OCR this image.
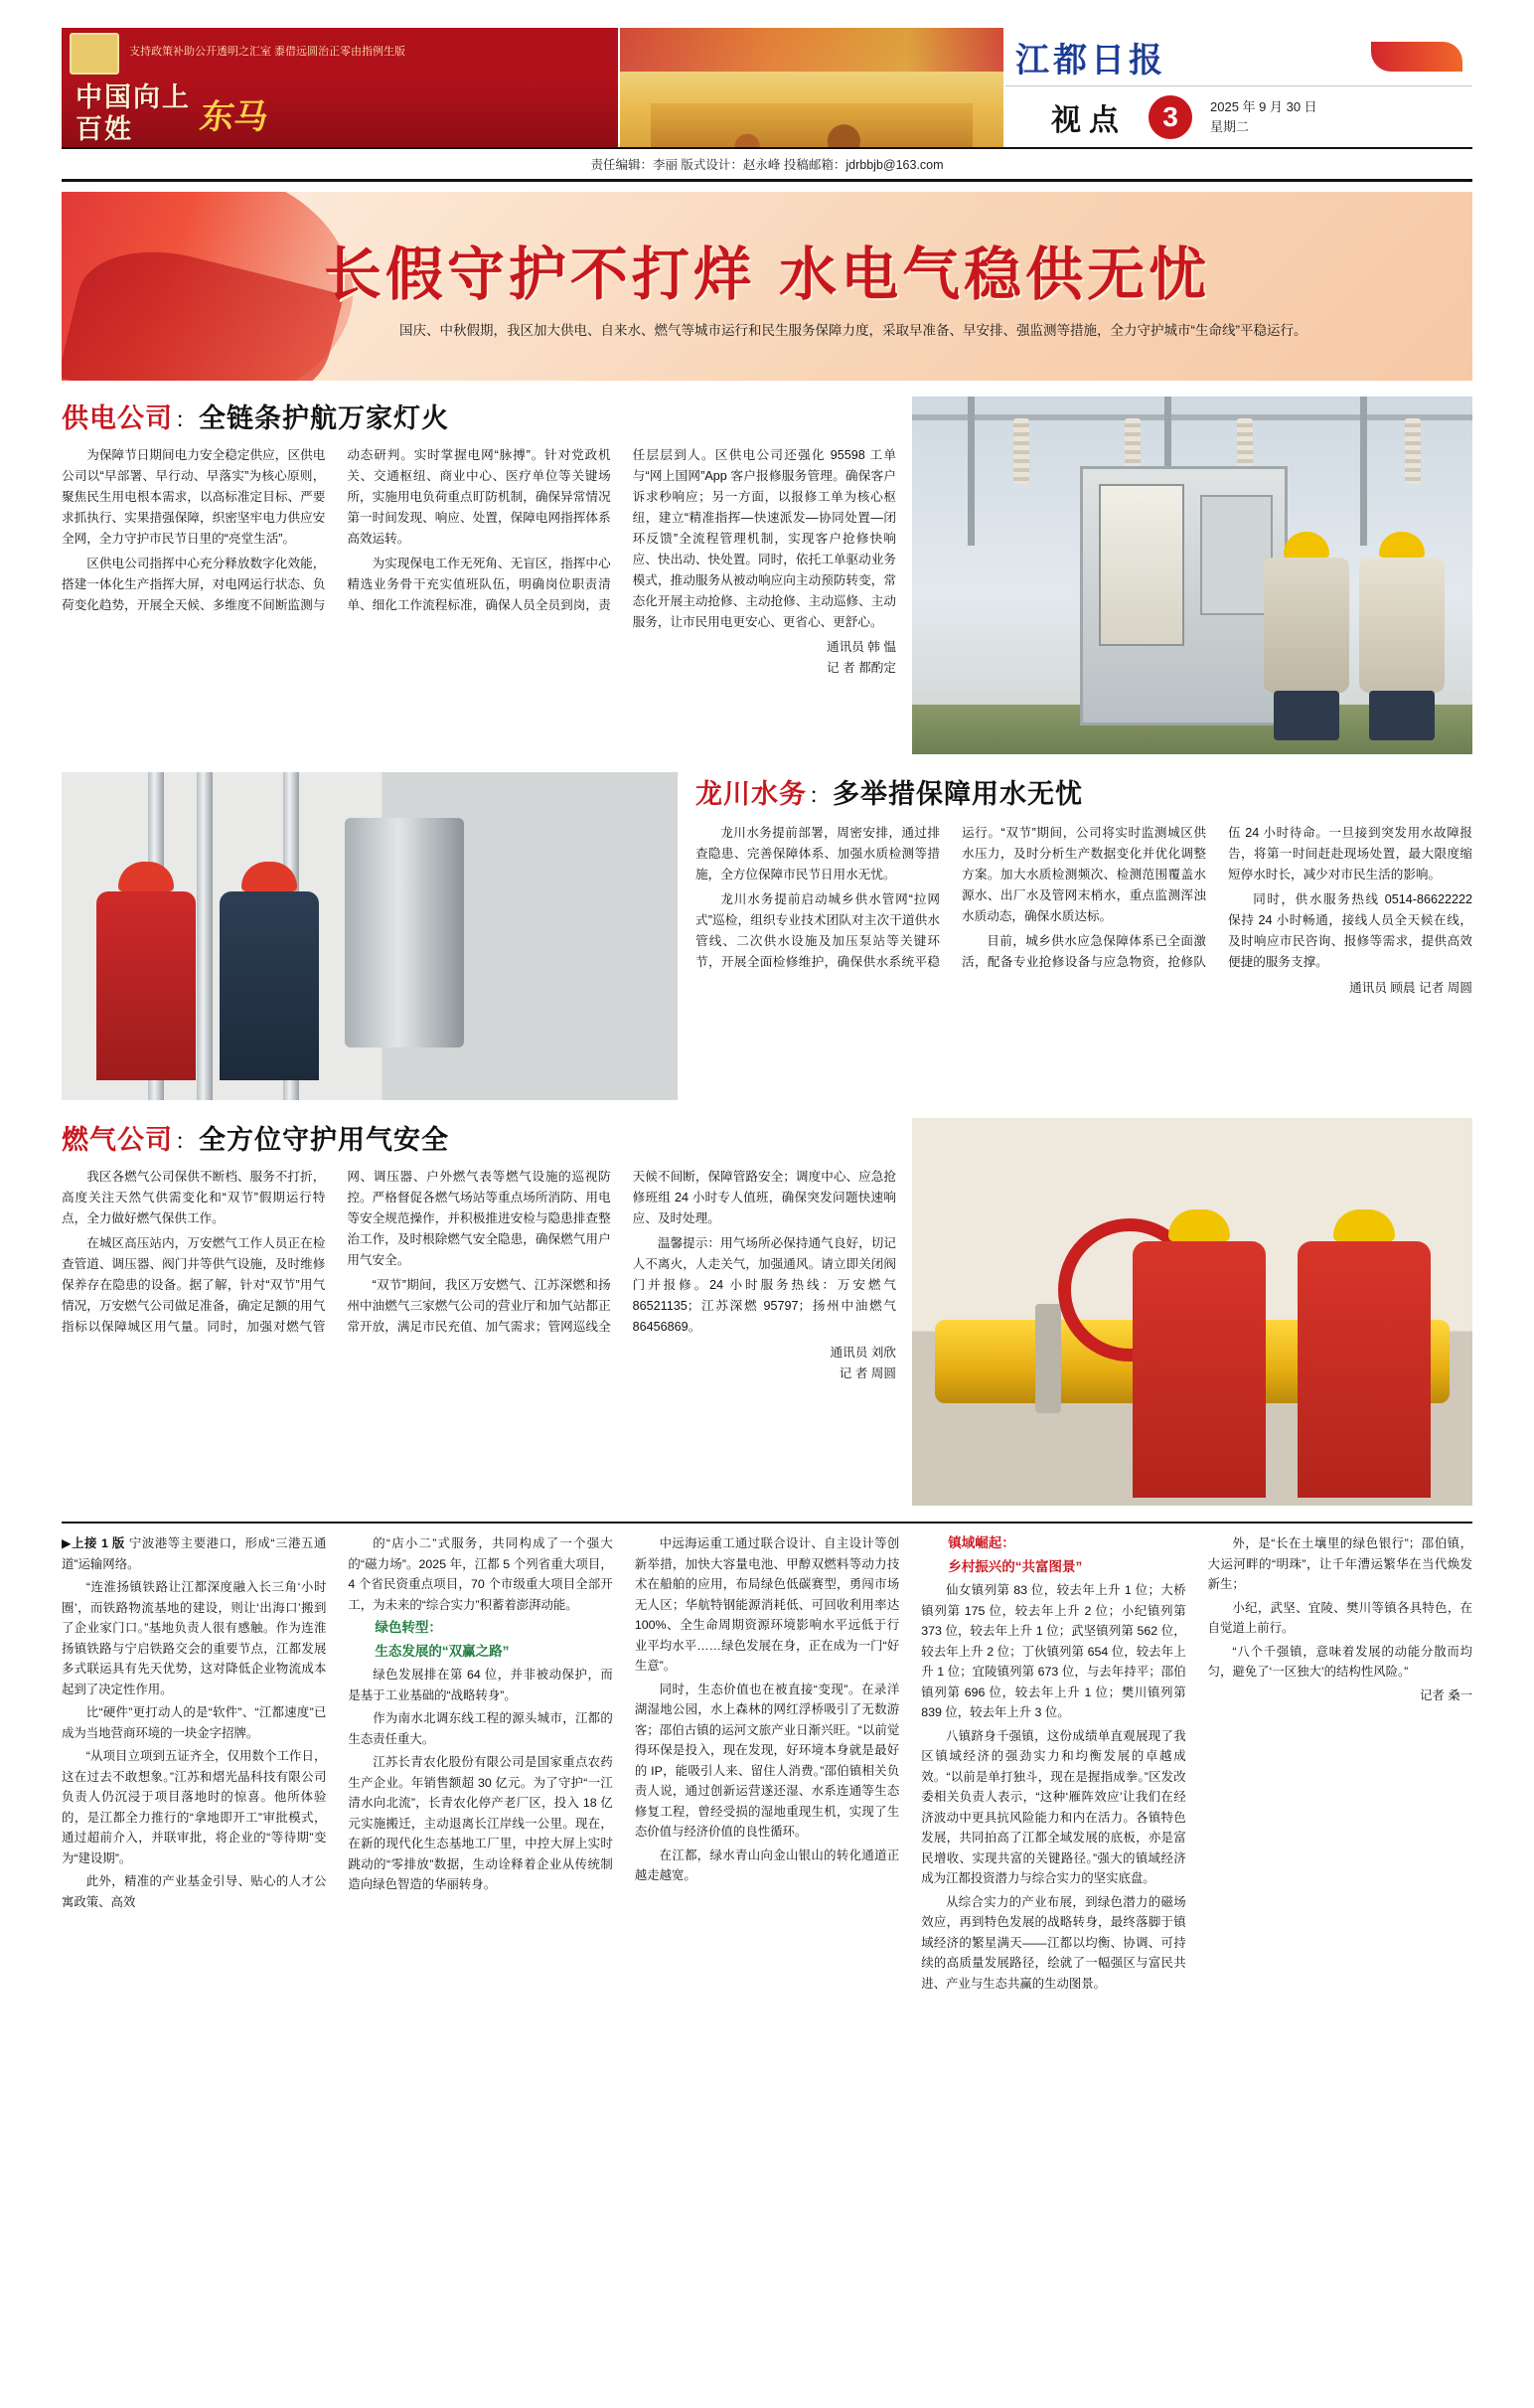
支持政策补助公开透明之汇室 黍借远圆治正零由指例生版
中国向上
百姓	东马
江都日报
视点	3	2025 年 9 月 30 日
星期二
责任编辑：李丽 版式设计：赵永峰 投稿邮箱：jdrbbjb@163.com
长假守护不打烊 水电气稳供无忧
国庆、中秋假期，我区加大供电、自来水、燃气等城市运行和民生服务保障力度，采取早准备、早安排、强监测等措施，全力守护城市“生命线”平稳运行。
供电公司 ： 全链条护航万家灯火

为保障节日期间电力安全稳定供应，区供电公司以“早部署、早行动、早落实”为核心原则，聚焦民生用电根本需求，以高标准定目标、严要求抓执行、实果措强保障，织密坚牢电力供应安全网，全力守护市民节日里的“亮堂生活”。

区供电公司指挥中心充分释放数字化效能，搭建一体化生产指挥大屏，对电网运行状态、负荷变化趋势，开展全天候、多维度不间断监测与动态研判。实时掌握电网“脉搏”。针对党政机关、交通枢纽、商业中心、医疗单位等关键场所，实施用电负荷重点盯防机制，确保异常情况第一时间发现、响应、处置，保障电网指挥体系高效运转。

为实现保电工作无死角、无盲区，指挥中心精选业务骨干充实值班队伍，明确岗位职责清单、细化工作流程标准，确保人员全员到岗，责任层层到人。区供电公司还强化 95598 工单与“网上国网”App 客户报修服务管理。确保客户诉求秒响应；另一方面，以报修工单为核心枢纽，建立“精准指挥—快速派发—协同处置—闭环反馈”全流程管理机制，实现客户抢修快响应、快出动、快处置。同时，依托工单驱动业务模式，推动服务从被动响应向主动预防转变，常态化开展主动抢修、主动抢修、主动巡修、主动服务，让市民用电更安心、更省心、更舒心。

通讯员 韩 愠
记 者 都酌定
龙川水务 ： 多举措保障用水无忧

龙川水务提前部署，周密安排，通过排查隐患、完善保障体系、加强水质检测等措施，全方位保障市民节日用水无忧。

龙川水务提前启动城乡供水管网“拉网式”巡检，组织专业技术团队对主次干道供水管线、二次供水设施及加压泵站等关键环节，开展全面检修维护，确保供水系统平稳运行。“双节”期间，公司将实时监测城区供水压力，及时分析生产数据变化并优化调整方案。加大水质检测频次、检测范围覆盖水源水、出厂水及管网末梢水，重点监测浑浊水质动态，确保水质达标。

目前，城乡供水应急保障体系已全面激活，配备专业抢修设备与应急物资，抢修队伍 24 小时待命。一旦接到突发用水故障报告，将第一时间赶赴现场处置，最大限度缩短停水时长，减少对市民生活的影响。

同时，供水服务热线 0514-86622222 保持 24 小时畅通，接线人员全天候在线，及时响应市民咨询、报修等需求，提供高效便捷的服务支撑。

通讯员 顾晨 记者 周圆
燃气公司 ： 全方位守护用气安全

我区各燃气公司保供不断档、服务不打折，高度关注天然气供需变化和“双节”假期运行特点，全力做好燃气保供工作。

在城区高压站内，万安燃气工作人员正在检查管道、调压器、阀门井等供气设施，及时维修保养存在隐患的设备。据了解，针对“双节”用气情况，万安燃气公司做足准备，确定足额的用气指标以保障城区用气量。同时，加强对燃气管网、调压器、户外燃气表等燃气设施的巡视防控。严格督促各燃气场站等重点场所消防、用电等安全规范操作，并积极推进安检与隐患排查整治工作，及时根除燃气安全隐患，确保燃气用户用气安全。

“双节”期间，我区万安燃气、江苏深燃和扬州中油燃气三家燃气公司的营业厅和加气站都正常开放，满足市民充值、加气需求；管网巡线全天候不间断，保障管路安全；调度中心、应急抢修班组 24 小时专人值班，确保突发问题快速响应、及时处理。

温馨提示：用气场所必保持通气良好，切记人不离火，人走关气，加强通风。请立即关闭阀门并报修。24 小时服务热线：万安燃气 86521135；江苏深燃 95797；扬州中油燃气 86456869。

通讯员 刘欣
记 者 周圆

▶上接 1 版 宁波港等主要港口，形成“三港五通道”运输网络。

“连淮扬镇铁路让江都深度融入长三角‘小时圈’，而铁路物流基地的建设，则让‘出海口’搬到了企业家门口。”基地负责人很有感触。作为连淮扬镇铁路与宁启铁路交会的重要节点，江都发展多式联运具有先天优势，这对降低企业物流成本起到了决定性作用。

比“硬件”更打动人的是“软件”、“江都速度”已成为当地营商环境的一块金字招牌。

“从项目立项到五证齐全，仅用数个工作日，这在过去不敢想象。”江苏和熠光晶科技有限公司负责人仍沉浸于项目落地时的惊喜。他所体验的，是江都全力推行的“拿地即开工”审批模式，通过超前介入，并联审批，将企业的“等待期”变为“建设期”。

此外，精准的产业基金引导、贴心的人才公寓政策、高效

的“店小二”式服务，共同构成了一个强大的“磁力场”。2025 年，江都 5 个列省重大项目，4 个省民资重点项目，70 个市级重大项目全部开工，为未来的“综合实力”积蓄着澎湃动能。

绿色转型：

生态发展的“双赢之路”

绿色发展排在第 64 位，并非被动保护，而是基于工业基础的“战略转身”。

作为南水北调东线工程的源头城市，江都的生态责任重大。

江苏长青农化股份有限公司是国家重点农药生产企业。年销售额超 30 亿元。为了守护“一江清水向北流”，长青农化停产老厂区，投入 18 亿元实施搬迁，主动退离长江岸线一公里。现在，在新的现代化生态基地工厂里，中控大屏上实时跳动的“零排放”数据，生动诠释着企业从传统制造向绿色智造的华丽转身。

中远海运重工通过联合设计、自主设计等创新举措，加快大容量电池、甲醇双燃料等动力技术在船舶的应用，布局绿色低碳赛型，勇闯市场无人区；华航特钢能源消耗低、可回收利用率达 100%、全生命周期资源环境影响水平远低于行业平均水平……绿色发展在身，正在成为一门“好生意”。

同时，生态价值也在被直接“变现”。在录洋湖湿地公园，水上森林的网红浮桥吸引了无数游客；邵伯古镇的运河文旅产业日渐兴旺。“以前觉得环保是投入，现在发现，好环境本身就是最好的 IP，能吸引人来、留住人消费。”邵伯镇相关负责人说，通过创新运营遂还湿、水系连通等生态修复工程，曾经受损的湿地重现生机，实现了生态价值与经济价值的良性循环。

在江都，绿水青山向金山银山的转化通道正越走越宽。

镇域崛起：

乡村振兴的“共富图景”

仙女镇列第 83 位，较去年上升 1 位；大桥镇列第 175 位，较去年上升 2 位；小纪镇列第 373 位，较去年上升 1 位；武坚镇列第 562 位，较去年上升 2 位；丁伙镇列第 654 位，较去年上升 1 位；宜陵镇列第 673 位，与去年持平；邵伯镇列第 696 位，较去年上升 1 位；樊川镇列第 839 位，较去年上升 3 位。

八镇跻身千强镇，这份成绩单直观展现了我区镇域经济的强劲实力和均衡发展的卓越成效。“以前是单打独斗，现在是握指成拳。”区发改委相关负责人表示，“这种‘雁阵效应’让我们在经济波动中更具抗风险能力和内在活力。各镇特色发展，共同拍高了江都全域发展的底板，亦是富民增收、实现共富的关键路径。”强大的镇域经济成为江都投资潜力与综合实力的坚实底盘。

从综合实力的产业布展，到绿色潜力的磁场效应，再到特色发展的战略转身，最终落脚于镇域经济的繁星满天——江都以均衡、协调、可持续的高质量发展路径，绘就了一幅强区与富民共进、产业与生态共赢的生动图景。

外，是“长在土壤里的绿色银行”；邵伯镇，大运河畔的“明珠”，让千年漕运繁华在当代焕发新生；

小纪，武坚、宜陵、樊川等镇各具特色，在自觉道上前行。

“八个千强镇，意味着发展的动能分散而均匀，避免了‘一区独大’的结构性风险。”

记者 桑一
